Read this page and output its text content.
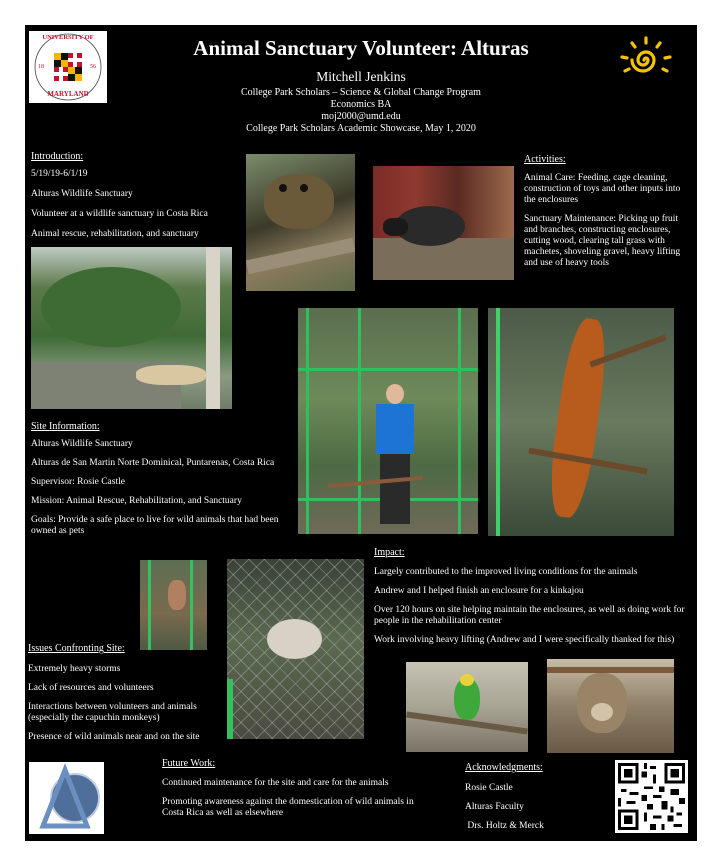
UNIVERSITY OF
MARYLAND
18	56
Animal Sanctuary Volunteer: Alturas
Mitchell Jenkins
College Park Scholars – Science & Global Change Program
Economics BA
moj2000@umd.edu
College Park Scholars Academic Showcase, May 1, 2020
Introduction:
5/19/19-6/1/19
Alturas Wildlife Sanctuary
Volunteer at a wildlife sanctuary in Costa Rica
Animal rescue, rehabilitation, and sanctuary
Activities:
Animal Care: Feeding, cage cleaning, construction of toys and other inputs into the enclosures
Sanctuary Maintenance: Picking up fruit and branches, constructing enclosures, cutting wood, clearing tall grass with machetes, shoveling gravel, heavy lifting and use of heavy tools
Site Information:
Alturas Wildlife Sanctuary
Alturas de San Martin Norte Dominical, Puntarenas, Costa Rica
Supervisor: Rosie Castle
Mission: Animal Rescue, Rehabilitation, and Sanctuary
Goals: Provide a safe place to live for wild animals that had been owned as pets
Impact:
Largely contributed to the improved living conditions for the animals
Andrew and I helped finish an enclosure for a kinkajou
Over 120 hours on site helping maintain the enclosures, as well as doing work for people in the rehabilitation center
Work involving heavy lifting (Andrew and I were specifically thanked for this)
Issues Confronting Site:
Extremely heavy storms
Lack of resources and volunteers
Interactions between volunteers and animals (especially the capuchin monkeys)
Presence of wild animals near and on the site
Future Work:
Continued maintenance for the site and care for the animals
Promoting awareness against the domestication of wild animals in Costa Rica as well as elsewhere
Acknowledgments:
Rosie Castle
Alturas Faculty
Drs. Holtz & Merck
